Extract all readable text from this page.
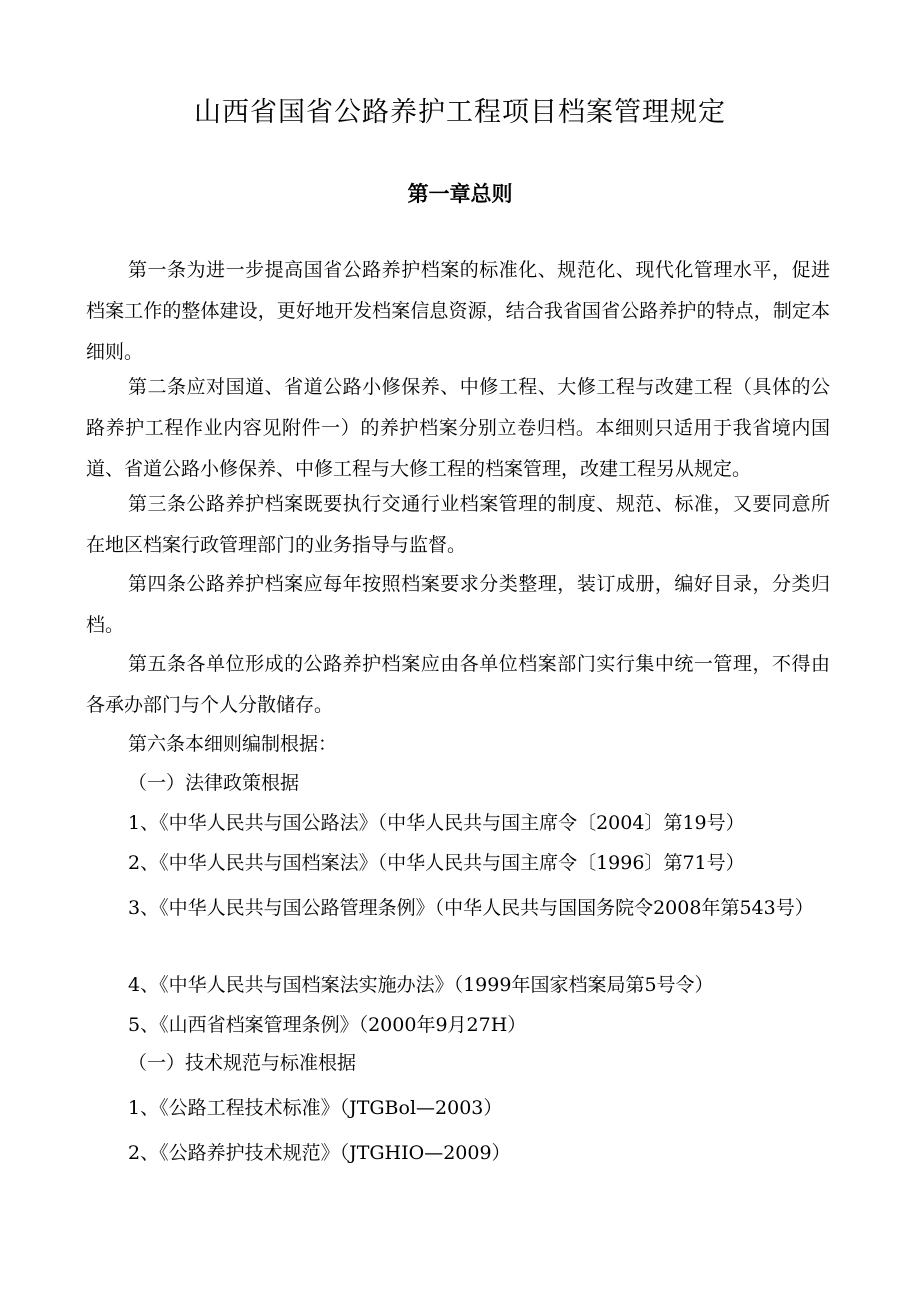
山西省国省公路养护工程项目档案管理规定
第一章总则

第一条为进一步提高国省公路养护档案的标准化、规范化、现代化管理水平，促进档案工作的整体建设，更好地开发档案信息资源，结合我省国省公路养护的特点，制定本细则。

第二条应对国道、省道公路小修保养、中修工程、大修工程与改建工程（具体的公路养护工程作业内容见附件一）的养护档案分别立卷归档。本细则只适用于我省境内国道、省道公路小修保养、中修工程与大修工程的档案管理，改建工程另从规定。

第三条公路养护档案既要执行交通行业档案管理的制度、规范、标准，又要同意所在地区档案行政管理部门的业务指导与监督。

第四条公路养护档案应每年按照档案要求分类整理，装订成册，编好目录，分类归档。

第五条各单位形成的公路养护档案应由各单位档案部门实行集中统一管理，不得由各承办部门与个人分散储存。

第六条本细则编制根据：

（一）法律政策根据

1、《中华人民共与国公路法》（中华人民共与国主席令〔2004〕第19号）

2、《中华人民共与国档案法》（中华人民共与国主席令〔1996〕第71号）

3、《中华人民共与国公路管理条例》（中华人民共与国国务院令2008年第543号）

4、《中华人民共与国档案法实施办法》（1999年国家档案局第5号令）

5、《山西省档案管理条例》（2000年9月27H）

（一）技术规范与标准根据

1、《公路工程技术标准》（JTGBol—2003）

2、《公路养护技术规范》（JTGHIO—2009）
